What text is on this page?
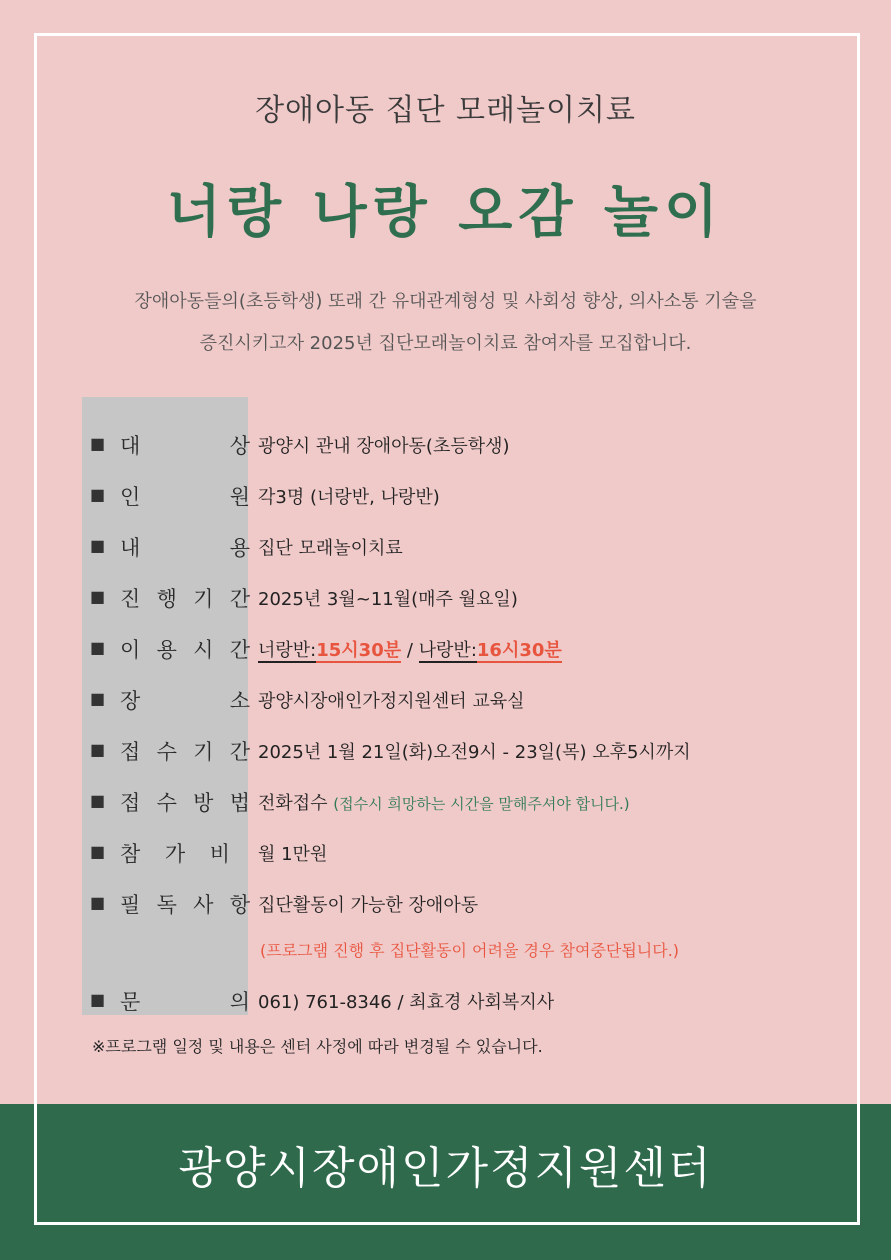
장애아동 집단 모래놀이치료
너랑 나랑 오감 놀이
장애아동들의(초등학생) 또래 간 유대관계형성 및 사회성 향상, 의사소통 기술을
증진시키고자 2025년 집단모래놀이치료 참여자를 모집합니다.
■ 대	상 광양시 관내 장애아동(초등학생)
■ 인	원 각3명 (너랑반, 나랑반)
■ 내	용 집단 모래놀이치료
■ 진 행 기 간 2025년 3월~11월(매주 월요일)
■ 이 용 시 간 너랑반:15시30분 / 나랑반:16시30분
■ 장	소 광양시장애인가정지원센터 교육실
■ 접 수 기 간 2025년 1월 21일(화)오전9시 - 23일(목) 오후5시까지
■ 접 수 방 법 전화접수 (접수시 희망하는 시간을 말해주셔야 합니다.)
■ 참 가 비 월 1만원
■ 필 독 사 항 집단활동이 가능한 장애아동
(프로그램 진행 후 집단활동이 어려울 경우 참여중단됩니다.)
■ 문	의 061) 761-8346 / 최효경 사회복지사
※프로그램 일정 및 내용은 센터 사정에 따라 변경될 수 있습니다.
광양시장애인가정지원센터
